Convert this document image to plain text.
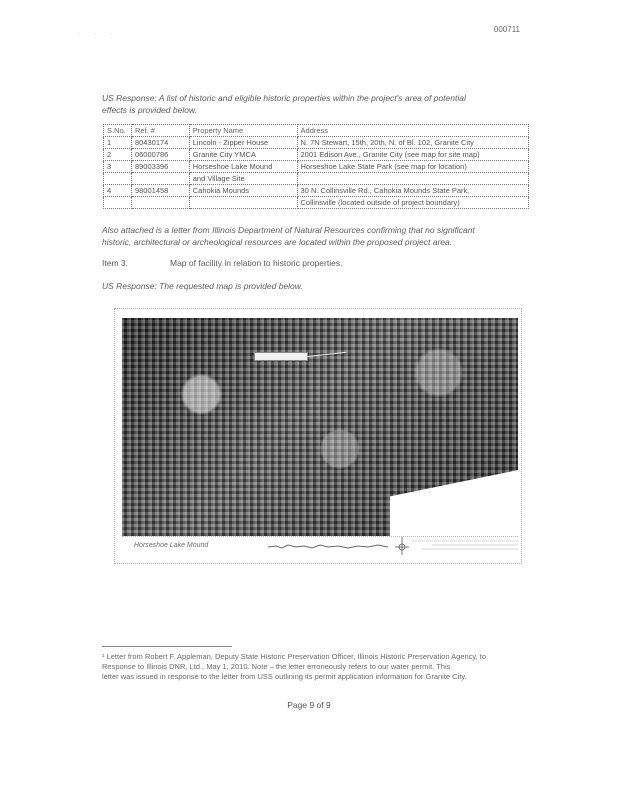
000711
· · ·
US Response: A list of historic and eligible historic properties within the project's area of potential
effects is provided below.
S.No.	Ref. #	Property Name	Address
1	80430174	Lincoln - Zipper House	N. 7N Stewart, 15th, 20th, N. of Bl. 102, Granite City
2	06000786	Granite City YMCA	2001 Edison Ave., Granite City (see map for site map)
3	89003396	Horseshoe Lake Mound	Horseshoe Lake State Park (see map for location)
		and Village Site	
4	98001458	Cahokia Mounds	30 N. Collinsville Rd., Cahokia Mounds State Park,
			Collinsville (located outside of project boundary)
Also attached is a letter from Illinois Department of Natural Resources confirming that no significant
historic, architectural or archeological resources are located within the proposed project area.
Item 3.	Map of facility in relation to historic properties.
US Response: The requested map is provided below.
· · · · · · ·
Horseshoe Lake Mound
·
·
¹ Letter from Robert F. Appleman, Deputy State Historic Preservation Officer, Illinois Historic Preservation Agency, to
Response to Illinois DNR, Ltd., May 1, 2010. Note – the letter erroneously refers to our water permit. This
letter was issued in response to the letter from USS outlining its permit application information for Granite City.
Page 9 of 9
